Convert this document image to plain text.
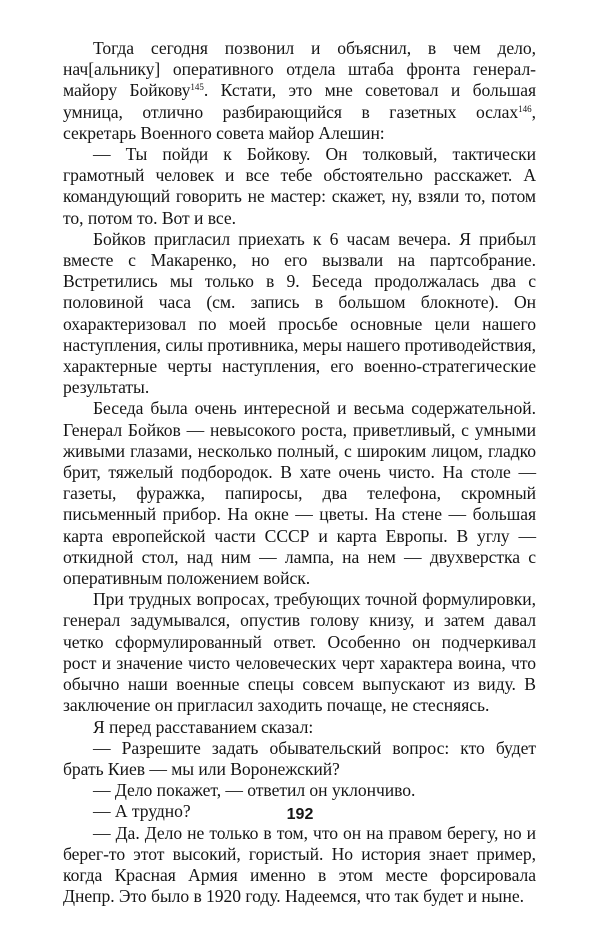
Тогда сегодня позвонил и объяснил, в чем дело, нач[альнику] оперативного отдела штаба фронта генерал-майору Бойкову$^{145}$. Кстати, это мне советовал и большая умница, отлично разбирающийся в газетных ослах$^{146}$, секретарь Военного совета майор Алешин:

— Ты пойди к Бойкову. Он толковый, тактически грамотный человек и все тебе обстоятельно расскажет. А командующий говорить не мастер: скажет, ну, взяли то, потом то, потом то. Вот и все.

Бойков пригласил приехать к 6 часам вечера. Я прибыл вместе с Макаренко, но его вызвали на партсобрание. Встретились мы только в 9. Беседа продолжалась два с половиной часа (см. запись в большом блокноте). Он охарактеризовал по моей просьбе основные цели нашего наступления, силы противника, меры нашего противодействия, характерные черты наступления, его военно-стратегические результаты.

Беседа была очень интересной и весьма содержательной. Генерал Бойков — невысокого роста, приветливый, с умными живыми глазами, несколько полный, с широким лицом, гладко брит, тяжелый подбородок. В хате очень чисто. На столе — газеты, фуражка, папиросы, два телефона, скромный письменный прибор. На окне — цветы. На стене — большая карта европейской части СССР и карта Европы. В углу — откидной стол, над ним — лампа, на нем — двухверстка с оперативным положением войск.

При трудных вопросах, требующих точной формулировки, генерал задумывался, опустив голову книзу, и затем давал четко сформулированный ответ. Особенно он подчеркивал рост и значение чисто человеческих черт характера воина, что обычно наши военные спецы совсем выпускают из виду. В заключение он пригласил заходить почаще, не стесняясь.

Я перед расставанием сказал:

— Разрешите задать обывательский вопрос: кто будет брать Киев — мы или Воронежский?

— Дело покажет, — ответил он уклончиво.

— А трудно?

— Да. Дело не только в том, что он на правом берегу, но и берег-то этот высокий, гористый. Но история знает пример, когда Красная Армия именно в этом месте форсировала Днепр. Это было в 1920 году. Надеемся, что так будет и ныне.

192
